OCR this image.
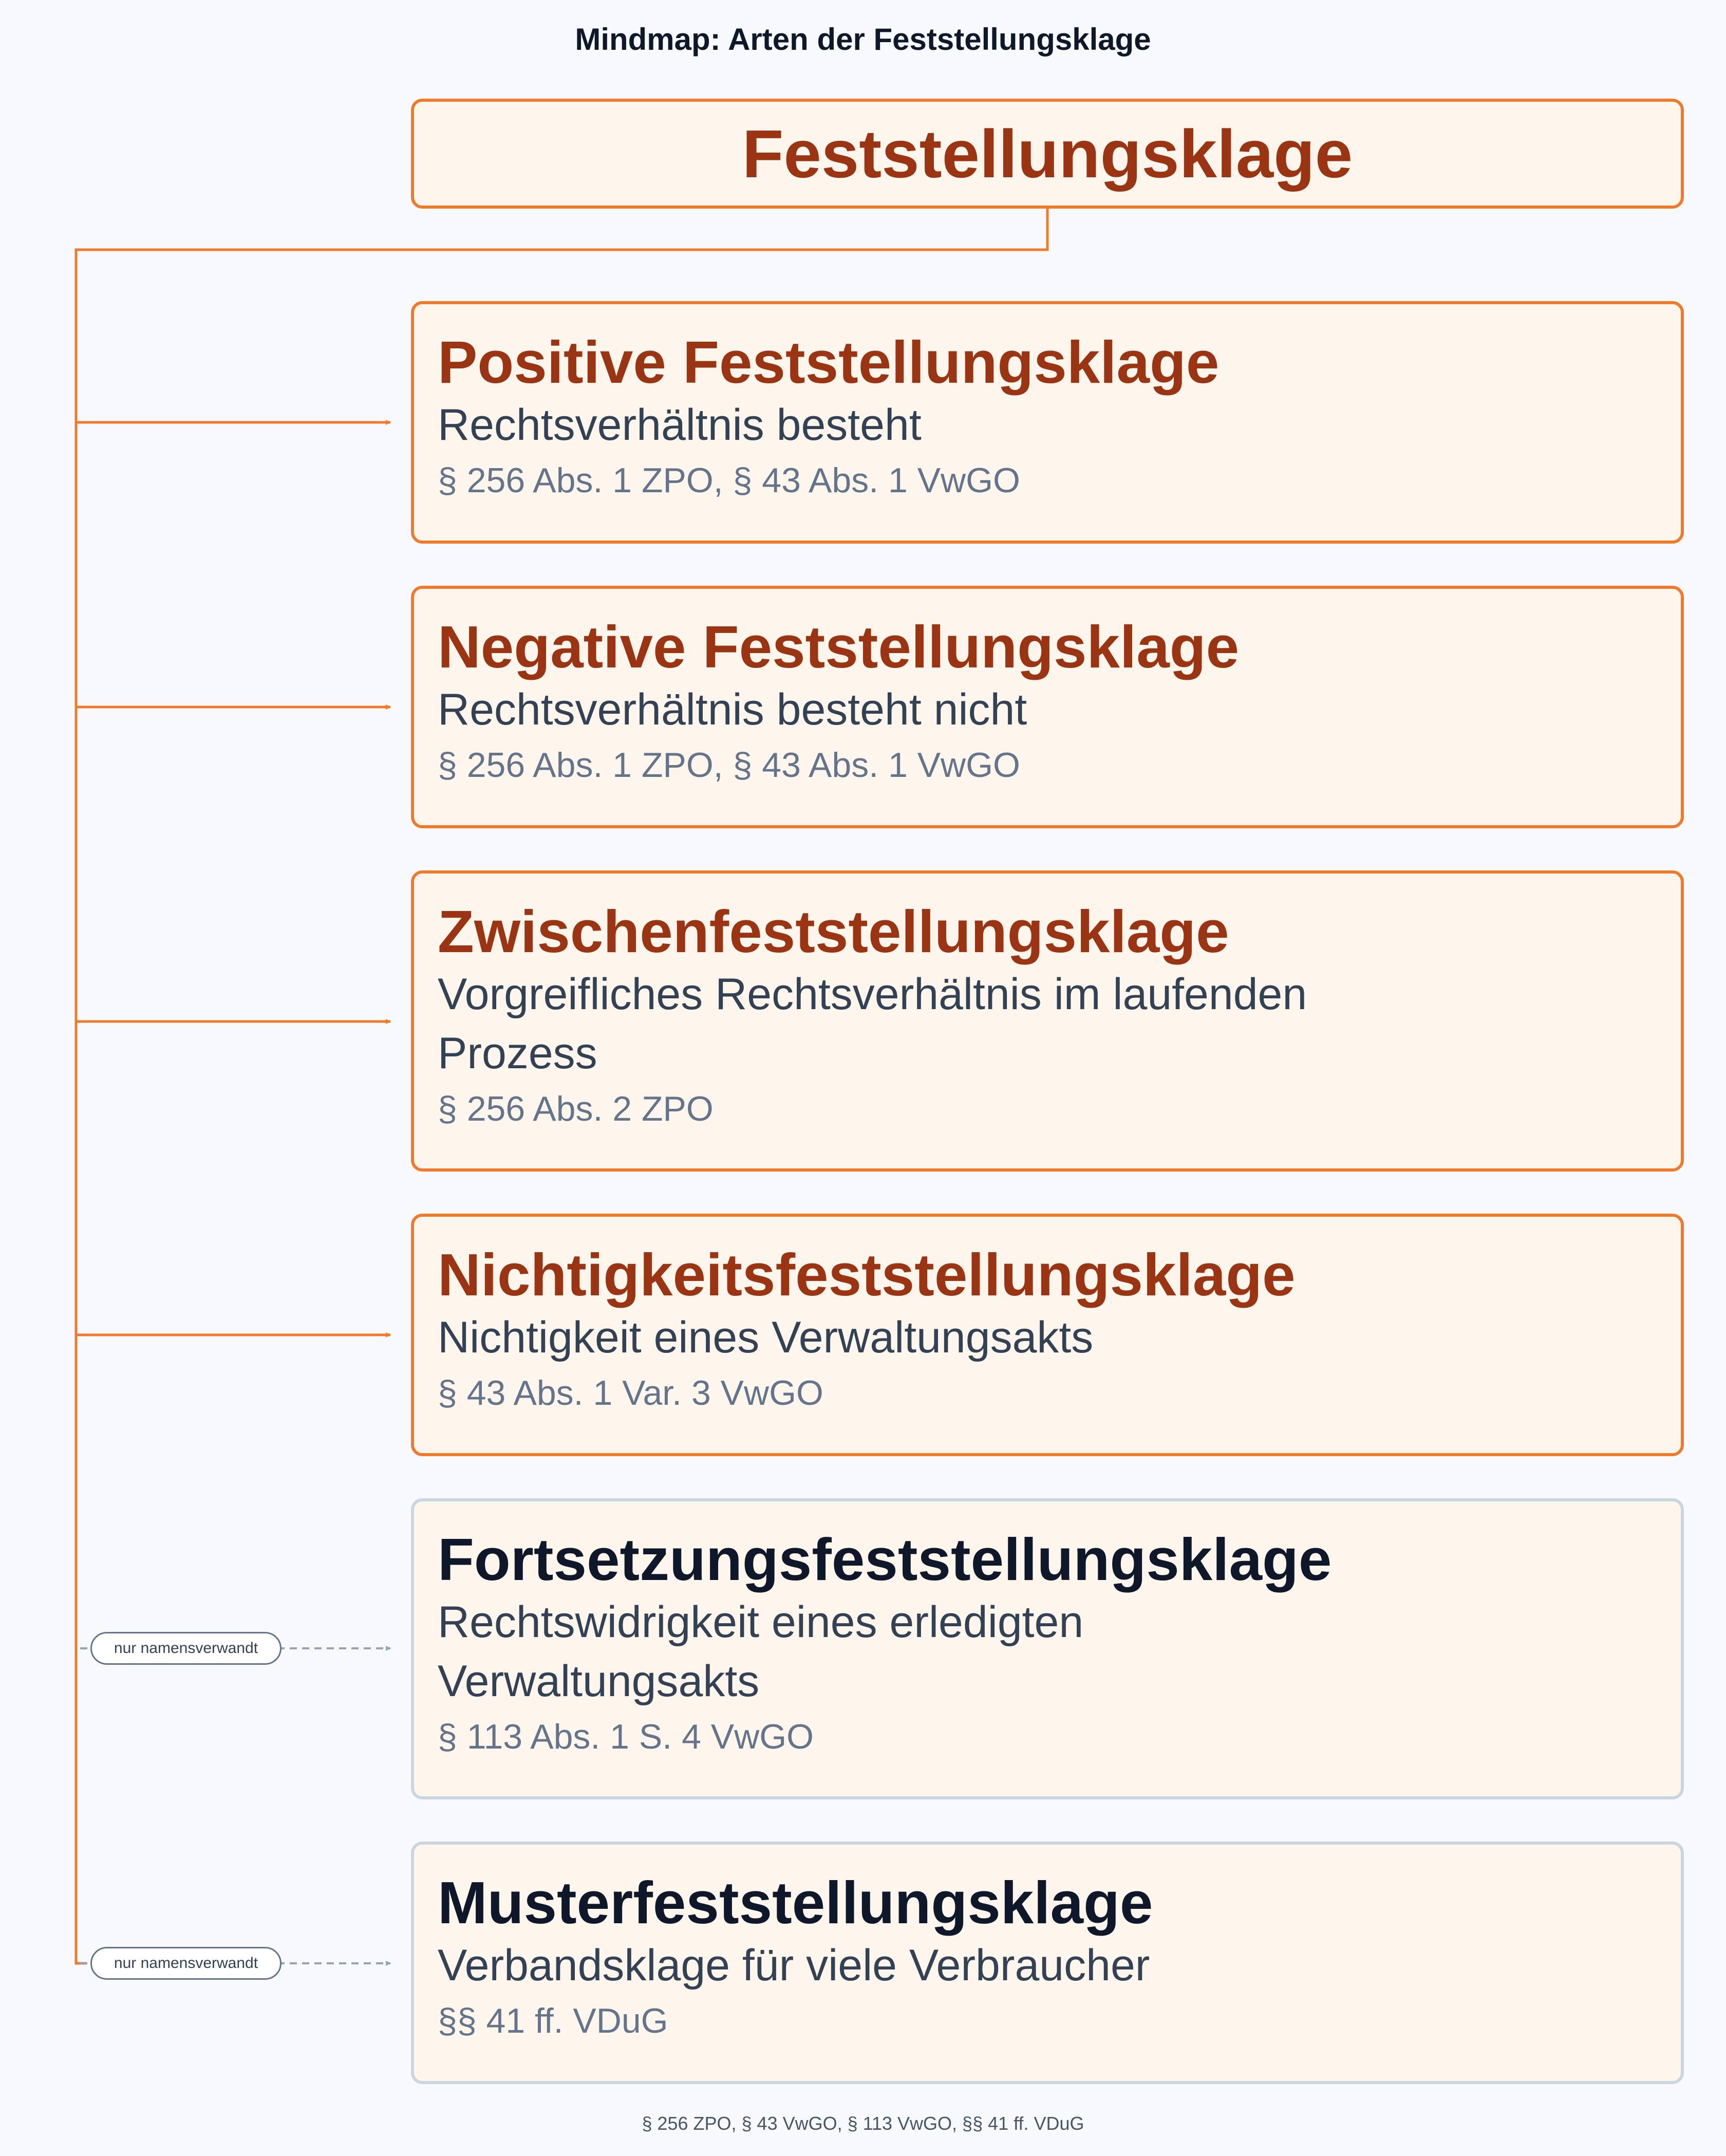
Mindmap: Arten der Feststellungsklage
Feststellungsklage
Positive Feststellungsklage
Rechtsverhältnis besteht
§ 256 Abs. 1 ZPO, § 43 Abs. 1 VwGO
Negative Feststellungsklage
Rechtsverhältnis besteht nicht
§ 256 Abs. 1 ZPO, § 43 Abs. 1 VwGO
Zwischenfeststellungsklage
Vorgreifliches Rechtsverhältnis im laufenden Prozess
§ 256 Abs. 2 ZPO
Nichtigkeitsfeststellungsklage
Nichtigkeit eines Verwaltungsakts
§ 43 Abs. 1 Var. 3 VwGO
Fortsetzungsfeststellungsklage
Rechtswidrigkeit eines erledigten Verwaltungsakts
§ 113 Abs. 1 S. 4 VwGO
Musterfeststellungsklage
Verbandsklage für viele Verbraucher
§§ 41 ff. VDuG
nur namensverwandt
nur namensverwandt
§ 256 ZPO, § 43 VwGO, § 113 VwGO, §§ 41 ff. VDuG
